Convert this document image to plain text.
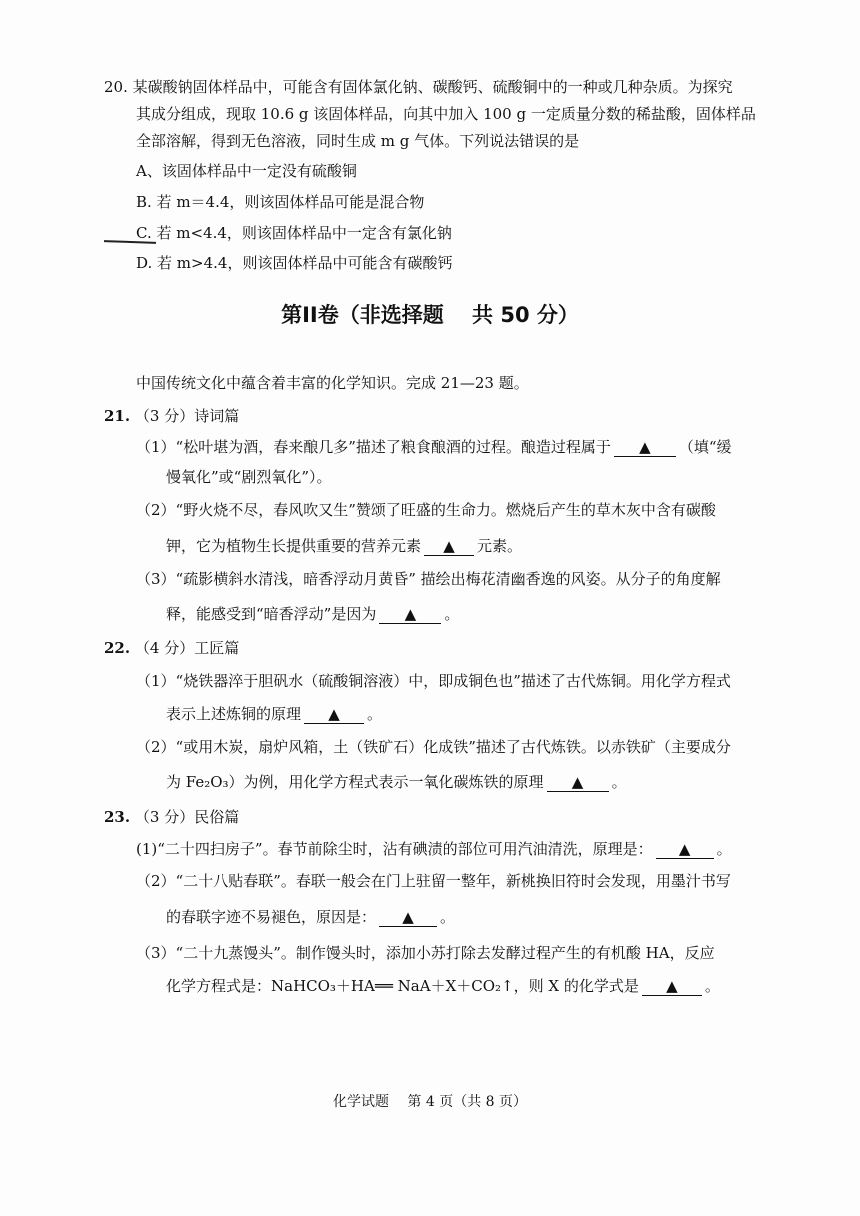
20. 某碳酸钠固体样品中，可能含有固体氯化钠、碳酸钙、硫酸铜中的一种或几种杂质。为探究
其成分组成，现取 10.6 g 该固体样品，向其中加入 100 g 一定质量分数的稀盐酸，固体样品
全部溶解，得到无色溶液，同时生成 m g 气体。下列说法错误的是
A、该固体样品中一定没有硫酸铜
B. 若 m＝4.4，则该固体样品可能是混合物
C. 若 m<4.4，则该固体样品中一定含有氯化钠
D. 若 m>4.4，则该固体样品中可能含有碳酸钙
第II卷（非选择题　 共 50 分）
中国传统文化中蕴含着丰富的化学知识。完成 21—23 题。
21. （3 分）诗词篇
（1）“松叶堪为酒，春来酿几多”描述了粮食酿酒的过程。酿造过程属于 ▲ （填“缓
慢氧化”或“剧烈氧化”）。
（2）“野火烧不尽，春风吹又生”赞颂了旺盛的生命力。燃烧后产生的草木灰中含有碳酸
钾，它为植物生长提供重要的营养元素 ▲ 元素。
（3）“疏影横斜水清浅，暗香浮动月黄昏” 描绘出梅花清幽香逸的风姿。从分子的角度解
释，能感受到“暗香浮动”是因为 ▲ 。
22. （4 分）工匠篇
（1）“烧铁器淬于胆矾水（硫酸铜溶液）中，即成铜色也”描述了古代炼铜。用化学方程式
表示上述炼铜的原理 ▲ 。
（2）“或用木炭，扇炉风箱，土（铁矿石）化成铁”描述了古代炼铁。以赤铁矿（主要成分
为 Fe₂O₃）为例，用化学方程式表示一氧化碳炼铁的原理 ▲ 。
23. （3 分）民俗篇
(1)“二十四扫房子”。春节前除尘时，沾有碘渍的部位可用汽油清洗，原理是： ▲ 。
（2）“二十八贴春联”。春联一般会在门上驻留一整年，新桃换旧符时会发现，用墨汁书写
的春联字迹不易褪色，原因是： ▲ 。
（3）“二十九蒸馒头”。制作馒头时，添加小苏打除去发酵过程产生的有机酸 HA，反应
化学方程式是：NaHCO₃＋HA══ NaA＋X＋CO₂↑，则 X 的化学式是 ▲ 。
化学试题　 第 4 页（共 8 页）
